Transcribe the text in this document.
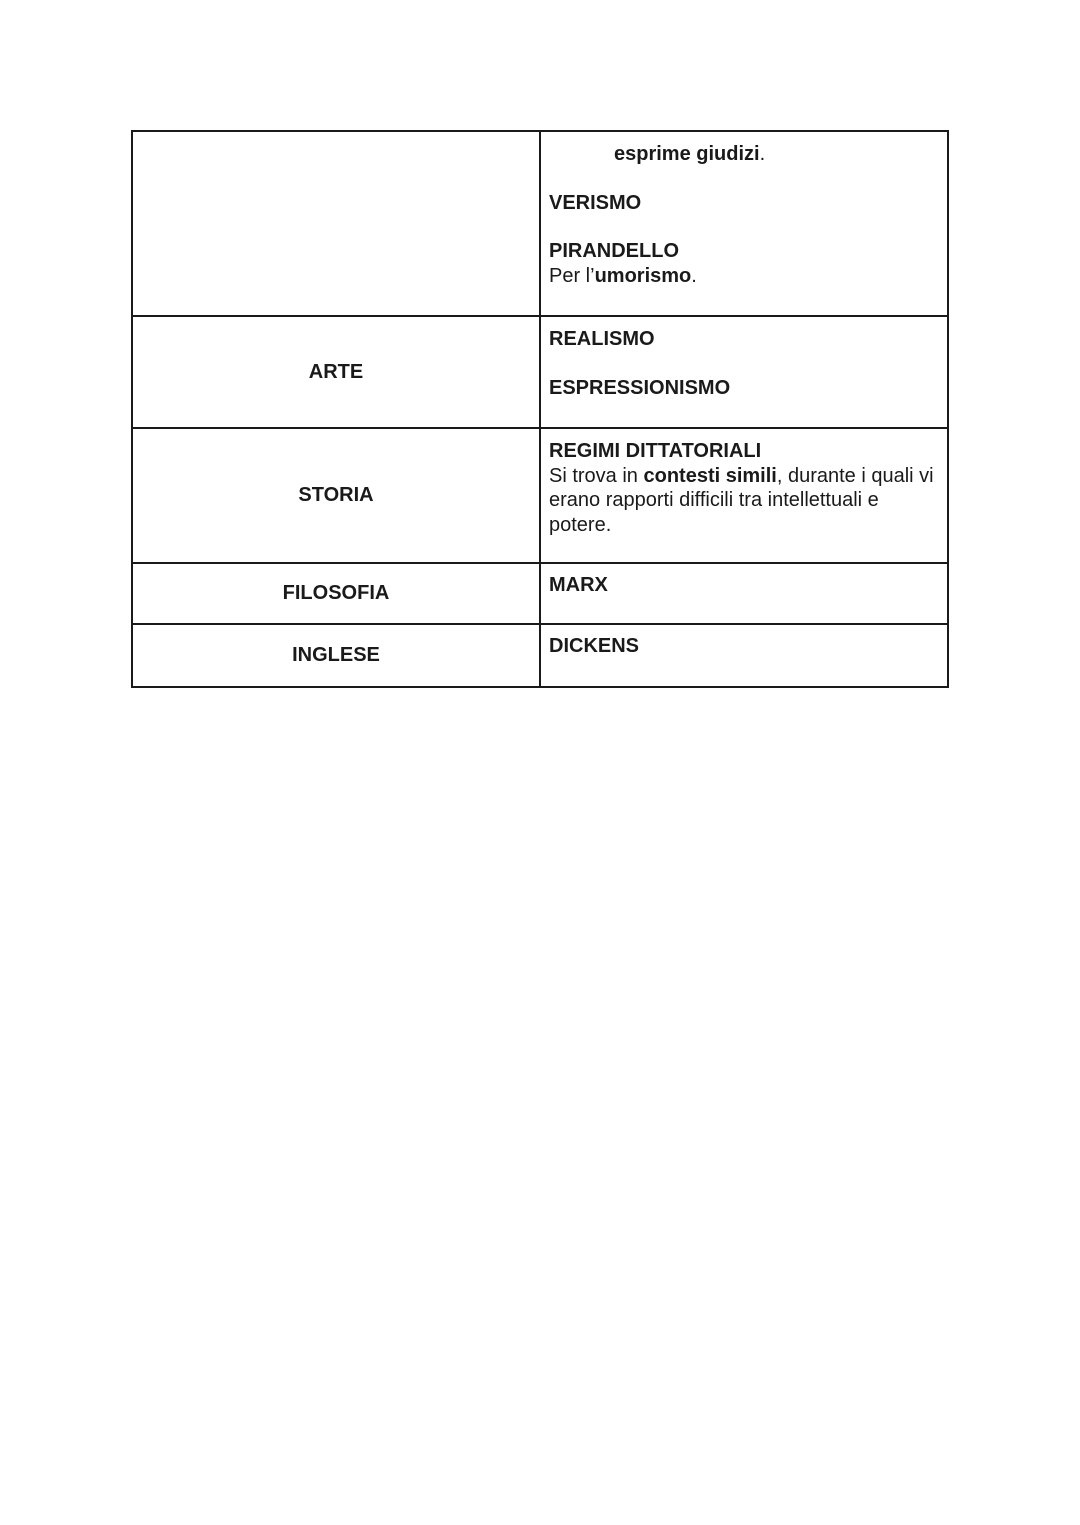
	esprime giudizi.
VERISMO
PIRANDELLO
Per l’umorismo.

ARTE	REALISMO
ESPRESSIONISMO

STORIA	REGIMI DITTATORIALI
Si trova in contesti simili, durante i quali vi erano rapporti difficili tra intellettuali e potere.

FILOSOFIA	MARX

INGLESE	DICKENS
